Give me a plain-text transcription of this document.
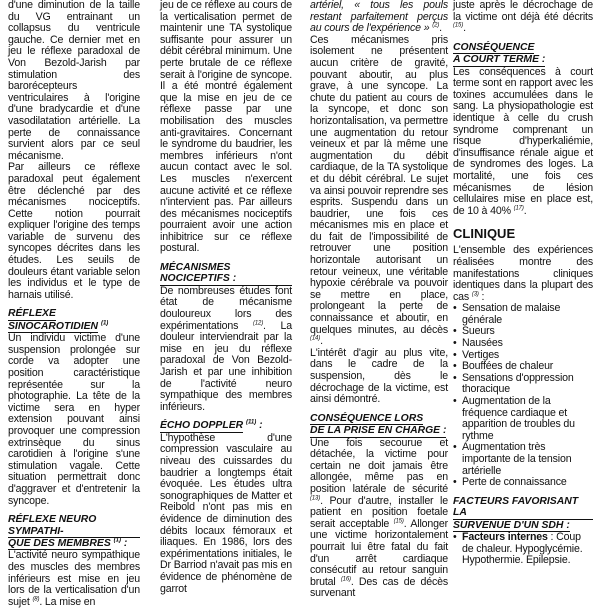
d'une diminution de la taille du VG entrainant un collapsus du ventricule gauche. Ce dernier met en jeu le réflexe paradoxal de Von Bezold-Jarish par stimulation des barorécepteurs ventriculaires à l'origine d'une bradycardie et d'une vasodilatation artérielle. La perte de connaissance survient alors par ce seul mécanisme.

Par ailleurs ce réflexe paradoxal peut également être déclenché par des mécanismes nociceptifs. Cette notion pourrait expliquer l'origine des temps variable de survenu des syncopes décrites dans les études. Les seuils de douleurs étant variable selon les individus et le type de harnais utilisé.

RÉFLEXE
SINOCAROTIDIEN $^{(1)}$

Un individu victime d'une suspension prolongée sur corde va adopter une position caractéristique représentée sur la photographie. La tête de la victime sera en hyper extension pouvant ainsi provoquer une compression extrinsèque du sinus carotidien à l'origine s'une stimulation vagale. Cette situation permettrait donc d'aggraver et d'entretenir la syncope.

RÉFLEXE NEURO SYMPATHI-
QUE DES MEMBRES $^{(1)}$ :

L'activité neuro sympathique des muscles des membres inférieurs est mise en jeu lors de la verticalisation d'un sujet $^{(8)}$. La mise en

jeu de ce réflexe au cours de la verticalisation permet de maintenir une TA systolique suffisante pour assurer un débit cérébral minimum. Une perte brutale de ce réflexe serait à l'origine de syncope. Il a été montré également que la mise en jeu de ce réflexe passe par une mobilisation des muscles anti-gravitaires. Concernant le syndrome du baudrier, les membres inférieurs n'ont aucun contact avec le sol. Les muscles n'exercent aucune activité et ce réflexe n'intervient pas. Par ailleurs des mécanismes nociceptifs pourraient avoir une action inhibitrice sur ce réflexe postural.

MÉCANISMES NOCICEPTIFS :

De nombreuses études font état de mécanisme douloureux lors des expérimentations $^{(12)}$. La douleur interviendrait par la mise en jeu du réflexe paradoxal de Von Bezold-Jarish et par une inhibition de l'activité neuro sympathique des membres inférieurs.

ÉCHO DOPPLER $^{(11)}$ :

L'hypothèse d'une compression vasculaire au niveau des cuissardes du baudrier a longtemps était évoquée. Les études ultra sonographiques de Matter et Reibold n'ont pas mis en évidence de diminution des débits locaux fémoraux et iliaques. En 1986, lors des expérimentations initiales, le Dr Barriod n'avait pas mis en évidence de phénomène de garrot

artériel, « tous les pouls restant parfaitement perçus au cours de l'expérience » $^{(2)}$.

Ces mécanismes pris isolement ne présentent aucun critère de gravité, pouvant aboutir, au plus grave, à une syncope. La chute du patient au cours de la syncope, et donc son horizontalisation, va permettre une augmentation du retour veineux et par là même une augmentation du débit cardiaque, de la TA systolique et du débit cérébral. Le sujet va ainsi pouvoir reprendre ses esprits. Suspendu dans un baudrier, une fois ces mécanismes mis en place et du fait de l'impossibilité de retrouver une position horizontale autorisant un retour veineux, une véritable hypoxie cérébrale va pouvoir se mettre en place, prolongeant la perte de connaissance et aboutir, en quelques minutes, au décès $^{(14)}$.

L'intérêt d'agir au plus vite, dans le cadre de la suspension, dès le décrochage de la victime, est ainsi démontré.

CONSÉQUENCE LORS
DE LA PRISE EN CHARGE :

Une fois secourue et détachée, la victime pour certain ne doit jamais être allongée, même pas en position latérale de sécurité $^{(13)}$. Pour d'autre, installer le patient en position foetale serait acceptable $^{(15)}$. Allonger une victime horizontalement pourrait lui être fatal du fait d'un arrêt cardiaque consécutif au retour sanguin brutal $^{(16)}$. Des cas de décès survenant

juste après le décrochage de la victime ont déjà été décrits $^{(15)}$.

CONSÉQUENCE
A COURT TERME :

Les conséquences à court terme sont en rapport avec les toxines accumulées dans le sang. La physiopathologie est identique à celle du crush syndrome comprenant un risque d'hyperkaliémie, d'insuffisance rénale aigue et de syndromes des loges. La mortalité, une fois ces mécanismes de lésion cellulaires mise en place est, de 10 à 40% $^{(17)}$.

CLINIQUE

L'ensemble des expériences réalisées montre des manifestations cliniques identiques dans la plupart des cas $^{(3)}$ :

• Sensation de malaise générale
• Sueurs
• Nausées
• Vertiges
• Bouffées de chaleur
• Sensations d'oppression thoracique
• Augmentation de la fréquence cardiaque et apparition de troubles du rythme
• Augmentation très importante de la tension artérielle
• Perte de connaissance
FACTEURS FAVORISANT LA
SURVENUE D'UN SDH :
• Facteurs internes : Coup de chaleur. Hypoglycémie. Hypothermie. Epilepsie.
